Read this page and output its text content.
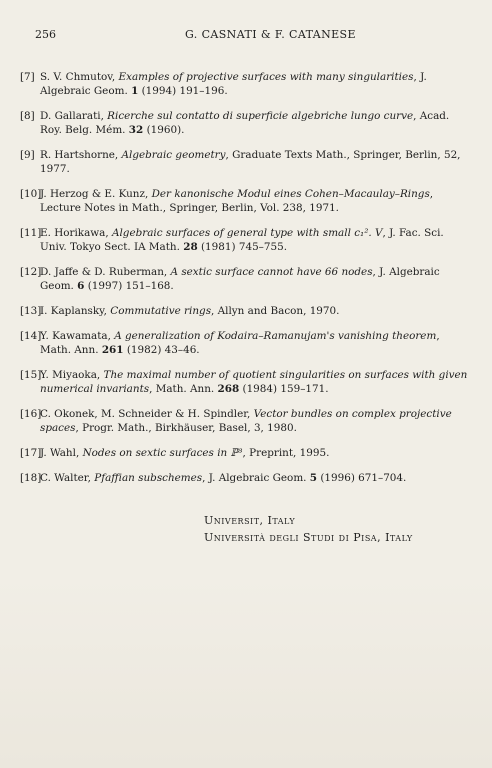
256	G. CASNATI & F. CATANESE
[7] S. V. Chmutov, Examples of projective surfaces with many singularities, J. Algebraic Geom. 1 (1994) 191–196.
[8] D. Gallarati, Ricerche sul contatto di superficie algebriche lungo curve, Acad. Roy. Belg. Mém. 32 (1960).
[9] R. Hartshorne, Algebraic geometry, Graduate Texts Math., Springer, Berlin, 52, 1977.
[10]
J. Herzog & E. Kunz, Der kanonische Modul eines Cohen–Macaulay–Rings, Lecture Notes in Math., Springer, Berlin, Vol. 238, 1971.
[11]
E. Horikawa, Algebraic surfaces of general type with small c₁². V, J. Fac. Sci. Univ. Tokyo Sect. IA Math. 28 (1981) 745–755.
[12]
D. Jaffe & D. Ruberman, A sextic surface cannot have 66 nodes, J. Algebraic Geom. 6 (1997) 151–168.
[13]
I. Kaplansky, Commutative rings, Allyn and Bacon, 1970.
[14]
Y. Kawamata, A generalization of Kodaira–Ramanujam's vanishing theorem, Math. Ann. 261 (1982) 43–46.
[15]
Y. Miyaoka, The maximal number of quotient singularities on surfaces with given numerical invariants, Math. Ann. 268 (1984) 159–171.
[16]
C. Okonek, M. Schneider & H. Spindler, Vector bundles on complex projective spaces, Progr. Math., Birkhäuser, Basel, 3, 1980.
[17]
J. Wahl, Nodes on sextic surfaces in ℙ³, Preprint, 1995.
[18]
C. Walter, Pfaffian subschemes, J. Algebraic Geom. 5 (1996) 671–704.
Universit, Italy
Università degli Studi di Pisa, Italy
